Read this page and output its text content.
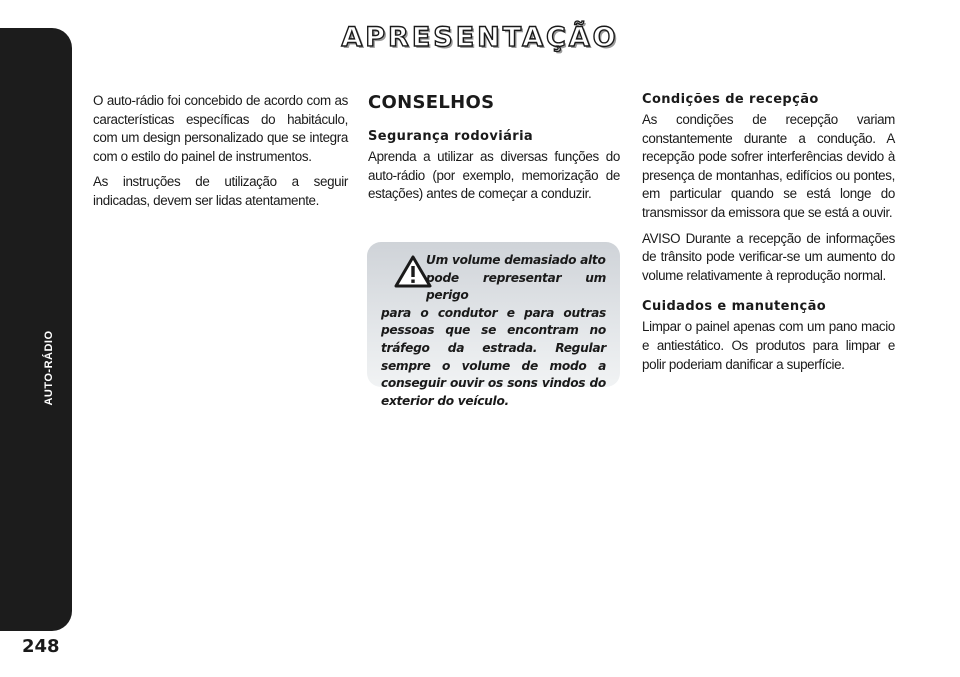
AUTO-RÁDIO
248
APRESENTAÇÃO

O auto-rádio foi concebido de acordo com as características específicas do habitáculo, com um design personalizado que se integra com o estilo do painel de instrumentos.

As instruções de utilização a seguir indicadas, devem ser lidas atentamente.

CONSELHOS
Segurança rodoviária

Aprenda a utilizar as diversas funções do auto-rádio (por exemplo, memorização de estações) antes de começar a conduzir.

Um volume demasiado alto
pode representar um perigo
para o condutor e para outras pessoas que se encontram no tráfego da estrada. Regular sempre o volume de modo a conseguir ouvir os sons vindos do exterior do veículo.

Condições de recepção

As condições de recepção variam constantemente durante a condução. A recepção pode sofrer interferências devido à presença de montanhas, edifícios ou pontes, em particular quando se está longe do transmissor da emissora que se está a ouvir.

AVISO Durante a recepção de informações de trânsito pode verificar-se um aumento do volume relativamente à reprodução normal.

Cuidados e manutenção

Limpar o painel apenas com um pano macio e antiestático. Os produtos para limpar e polir poderiam danificar a superfície.
